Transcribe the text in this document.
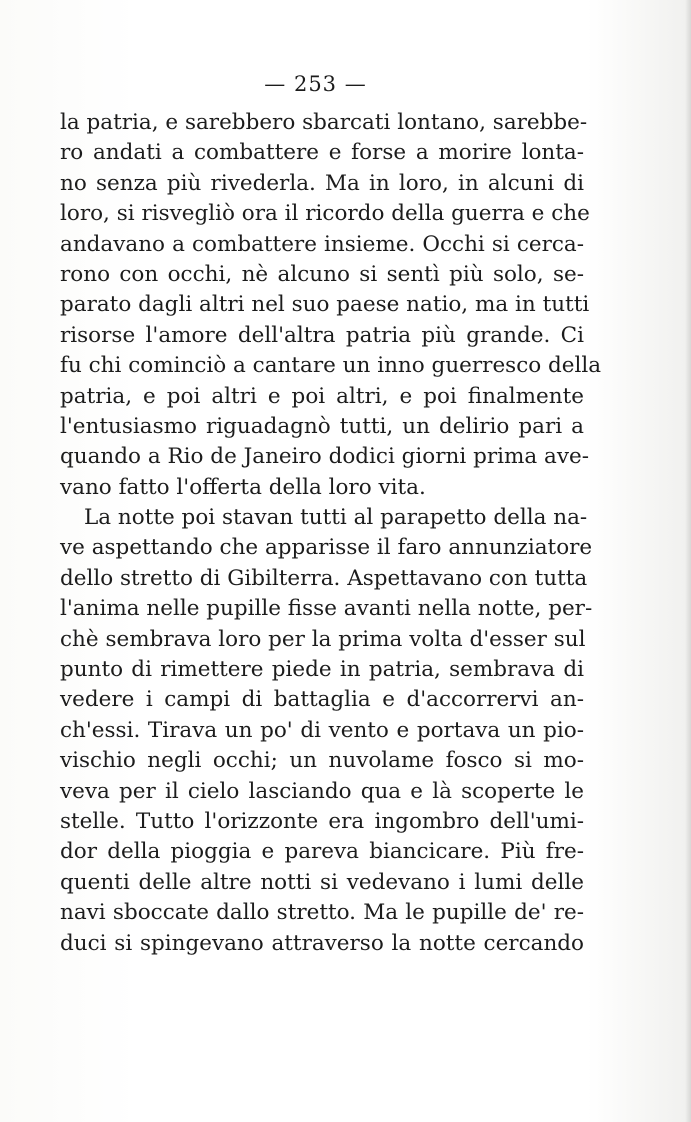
— 253 —
la patria, e sarebbero sbarcati lontano, sarebbe-
ro andati a combattere e forse a morire lonta-
no senza più rivederla. Ma in loro, in alcuni di
loro, si risvegliò ora il ricordo della guerra e che
andavano a combattere insieme. Occhi si cerca-
rono con occhi, nè alcuno si sentì più solo, se-
parato dagli altri nel suo paese natio, ma in tutti
risorse l'amore dell'altra patria più grande. Ci
fu chi cominciò a cantare un inno guerresco della
patria, e poi altri e poi altri, e poi finalmente
l'entusiasmo riguadagnò tutti, un delirio pari a
quando a Rio de Janeiro dodici giorni prima ave-
vano fatto l'offerta della loro vita.
La notte poi stavan tutti al parapetto della na-
ve aspettando che apparisse il faro annunziatore
dello stretto di Gibilterra. Aspettavano con tutta
l'anima nelle pupille fisse avanti nella notte, per-
chè sembrava loro per la prima volta d'esser sul
punto di rimettere piede in patria, sembrava di
vedere i campi di battaglia e d'accorrervi an-
ch'essi. Tirava un po' di vento e portava un pio-
vischio negli occhi; un nuvolame fosco si mo-
veva per il cielo lasciando qua e là scoperte le
stelle. Tutto l'orizzonte era ingombro dell'umi-
dor della pioggia e pareva biancicare. Più fre-
quenti delle altre notti si vedevano i lumi delle
navi sboccate dallo stretto. Ma le pupille de' re-
duci si spingevano attraverso la notte cercando
